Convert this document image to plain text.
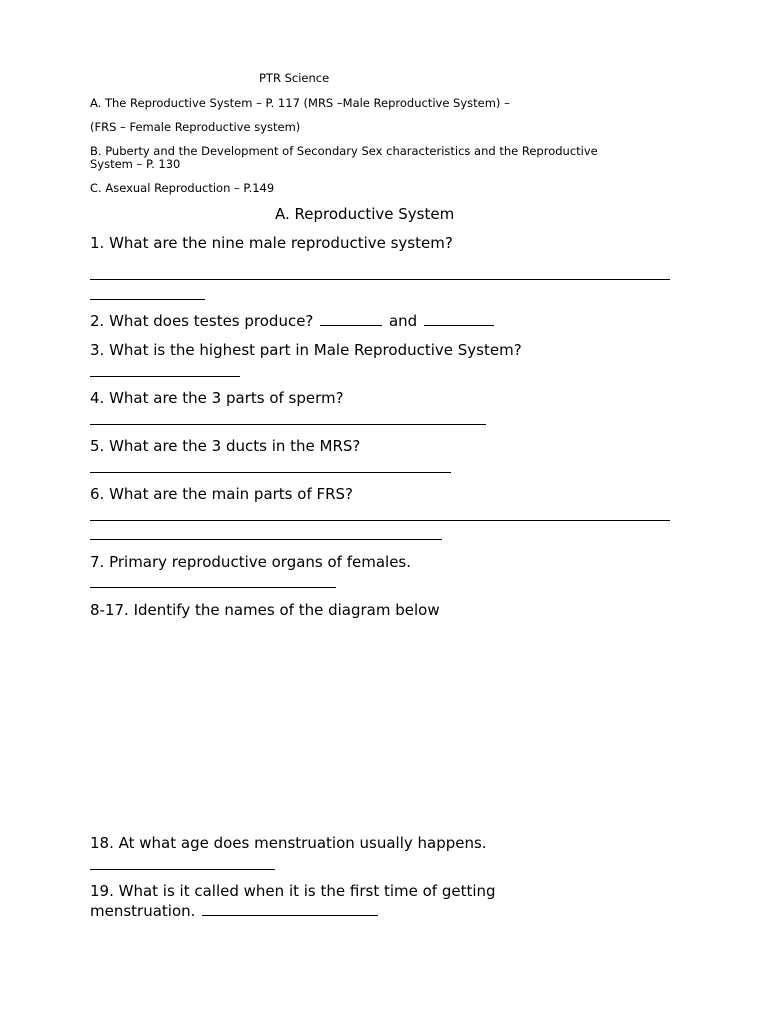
PTR Science
A. The Reproductive System – P. 117 (MRS –Male Reproductive System) –
(FRS – Female Reproductive system)
B. Puberty and the Development of Secondary Sex characteristics and the Reproductive
System – P. 130
C. Asexual Reproduction – P.149
A. Reproductive System
1. What are the nine male reproductive system?
2. What does testes produce?	and
3. What is the highest part in Male Reproductive System?
4. What are the 3 parts of sperm?
5. What are the 3 ducts in the MRS?
6. What are the main parts of FRS?
7. Primary reproductive organs of females.
8-17. Identify the names of the diagram below
18. At what age does menstruation usually happens.
19. What is it called when it is the first time of getting
menstruation.
